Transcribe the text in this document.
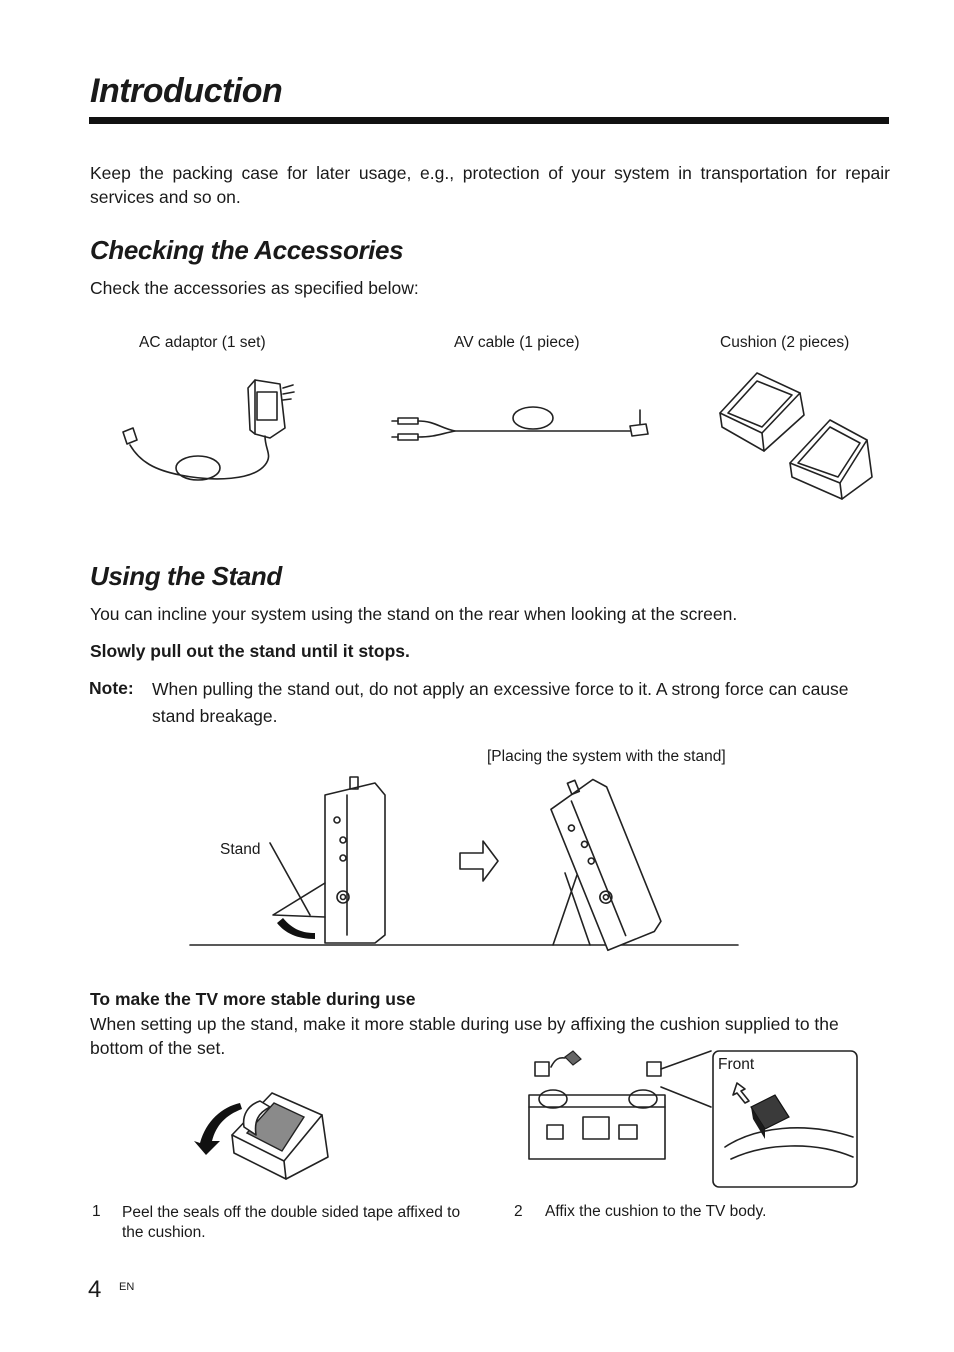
Introduction
Keep the packing case for later usage, e.g., protection of your system in transportation for repair services and so on.
Checking the Accessories
Check the accessories as specified below:
AC adaptor (1 set)	AV cable (1 piece)	Cushion (2 pieces)
Using the Stand
You can incline your system using the stand on the rear when looking at the screen.
Slowly pull out the stand until it stops.
Note: When pulling the stand out, do not apply an excessive force to it. A strong force can cause stand breakage.
[Placing the system with the stand]
Stand
To make the TV more stable during use
When setting up the stand, make it more stable during use by affixing the cushion supplied to the bottom of the set.
Front
1 Peel the seals off the double sided tape affixed to the cushion.
2 Affix the cushion to the TV body.
4 EN
